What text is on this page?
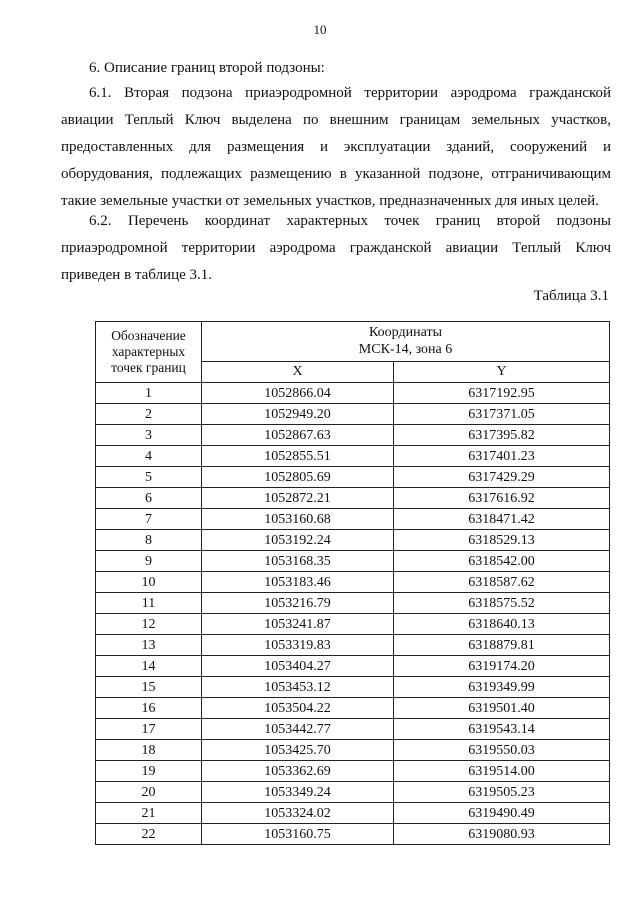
10
6. Описание границ второй подзоны:

6.1. Вторая подзона приаэродромной территории аэродрома гражданской авиации Теплый Ключ выделена по внешним границам земельных участков, предоставленных для размещения и эксплуатации зданий, сооружений и оборудования, подлежащих размещению в указанной подзоне, отграничивающим такие земельные участки от земельных участков, предназначенных для иных целей.

6.2. Перечень координат характерных точек границ второй подзоны приаэродромной территории аэродрома гражданской авиации Теплый Ключ приведен в таблице 3.1.

Таблица 3.1
Обозначение характерных точек границ	Координаты
МСК-14, зона 6	
	X	Y
1	1052866.04	6317192.95
2	1052949.20	6317371.05
3	1052867.63	6317395.82
4	1052855.51	6317401.23
5	1052805.69	6317429.29
6	1052872.21	6317616.92
7	1053160.68	6318471.42
8	1053192.24	6318529.13
9	1053168.35	6318542.00
10	1053183.46	6318587.62
11	1053216.79	6318575.52
12	1053241.87	6318640.13
13	1053319.83	6318879.81
14	1053404.27	6319174.20
15	1053453.12	6319349.99
16	1053504.22	6319501.40
17	1053442.77	6319543.14
18	1053425.70	6319550.03
19	1053362.69	6319514.00
20	1053349.24	6319505.23
21	1053324.02	6319490.49
22	1053160.75	6319080.93
